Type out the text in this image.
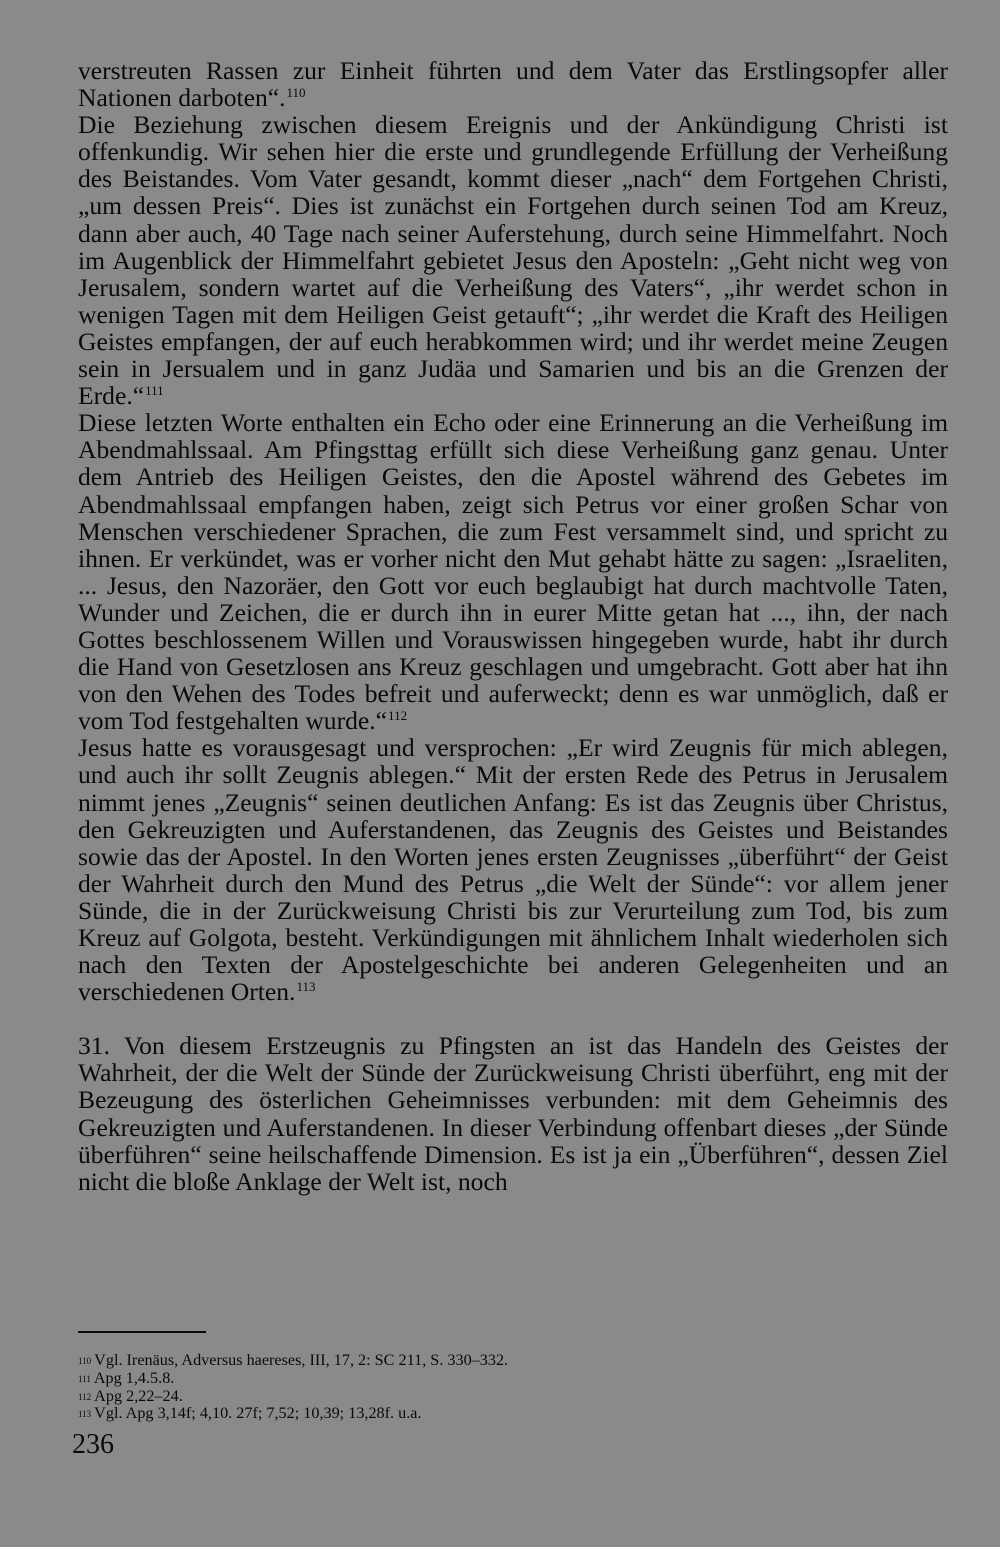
verstreuten Rassen zur Einheit führten und dem Vater das Erstlingsopfer aller Nationen darboten“.$^{110}$

Die Beziehung zwischen diesem Ereignis und der Ankündigung Christi ist offenkundig. Wir sehen hier die erste und grundlegende Erfüllung der Verheißung des Beistandes. Vom Vater gesandt, kommt dieser „nach“ dem Fortgehen Christi, „um dessen Preis“. Dies ist zunächst ein Fortgehen durch seinen Tod am Kreuz, dann aber auch, 40 Tage nach seiner Auferstehung, durch seine Himmelfahrt. Noch im Augenblick der Himmelfahrt gebietet Jesus den Aposteln: „Geht nicht weg von Jerusalem, sondern wartet auf die Verheißung des Vaters“, „ihr werdet schon in wenigen Tagen mit dem Heiligen Geist getauft“; „ihr werdet die Kraft des Heiligen Geistes empfangen, der auf euch herabkommen wird; und ihr werdet meine Zeugen sein in Jersualem und in ganz Judäa und Samarien und bis an die Grenzen der Erde.“$^{111}$

Diese letzten Worte enthalten ein Echo oder eine Erinnerung an die Verheißung im Abendmahlssaal. Am Pfingsttag erfüllt sich diese Verheißung ganz genau. Unter dem Antrieb des Heiligen Geistes, den die Apostel während des Gebetes im Abendmahlssaal empfangen haben, zeigt sich Petrus vor einer großen Schar von Menschen verschiedener Sprachen, die zum Fest versammelt sind, und spricht zu ihnen. Er verkündet, was er vorher nicht den Mut gehabt hätte zu sagen: „Israeliten, ... Jesus, den Nazoräer, den Gott vor euch beglaubigt hat durch machtvolle Taten, Wunder und Zeichen, die er durch ihn in eurer Mitte getan hat ..., ihn, der nach Gottes beschlossenem Willen und Vorauswissen hingegeben wurde, habt ihr durch die Hand von Gesetzlosen ans Kreuz geschlagen und umgebracht. Gott aber hat ihn von den Wehen des Todes befreit und auferweckt; denn es war unmöglich, daß er vom Tod festgehalten wurde.“$^{112}$

Jesus hatte es vorausgesagt und versprochen: „Er wird Zeugnis für mich ablegen, und auch ihr sollt Zeugnis ablegen.“ Mit der ersten Rede des Petrus in Jerusalem nimmt jenes „Zeugnis“ seinen deutlichen Anfang: Es ist das Zeugnis über Christus, den Gekreuzigten und Auferstandenen, das Zeugnis des Geistes und Beistandes sowie das der Apostel. In den Worten jenes ersten Zeugnisses „überführt“ der Geist der Wahrheit durch den Mund des Petrus „die Welt der Sünde“: vor allem jener Sünde, die in der Zurückweisung Christi bis zur Verurteilung zum Tod, bis zum Kreuz auf Golgota, besteht. Verkündigungen mit ähnlichem Inhalt wiederholen sich nach den Texten der Apostelgeschichte bei anderen Gelegenheiten und an verschiedenen Orten.$^{113}$

31. Von diesem Erstzeugnis zu Pfingsten an ist das Handeln des Geistes der Wahrheit, der die Welt der Sünde der Zurückweisung Christi überführt, eng mit der Bezeugung des österlichen Geheimnisses verbunden: mit dem Geheimnis des Gekreuzigten und Auferstandenen. In dieser Verbindung offenbart dieses „der Sünde überführen“ seine heilschaffende Dimension. Es ist ja ein „Überführen“, dessen Ziel nicht die bloße Anklage der Welt ist, noch

$^{110}$ Vgl. Irenäus, Adversus haereses, III, 17, 2: SC 211, S. 330–332.
$^{111}$ Apg 1,4.5.8.
$^{112}$ Apg 2,22–24.
$^{113}$ Vgl. Apg 3,14f; 4,10. 27f; 7,52; 10,39; 13,28f. u.a.
236
